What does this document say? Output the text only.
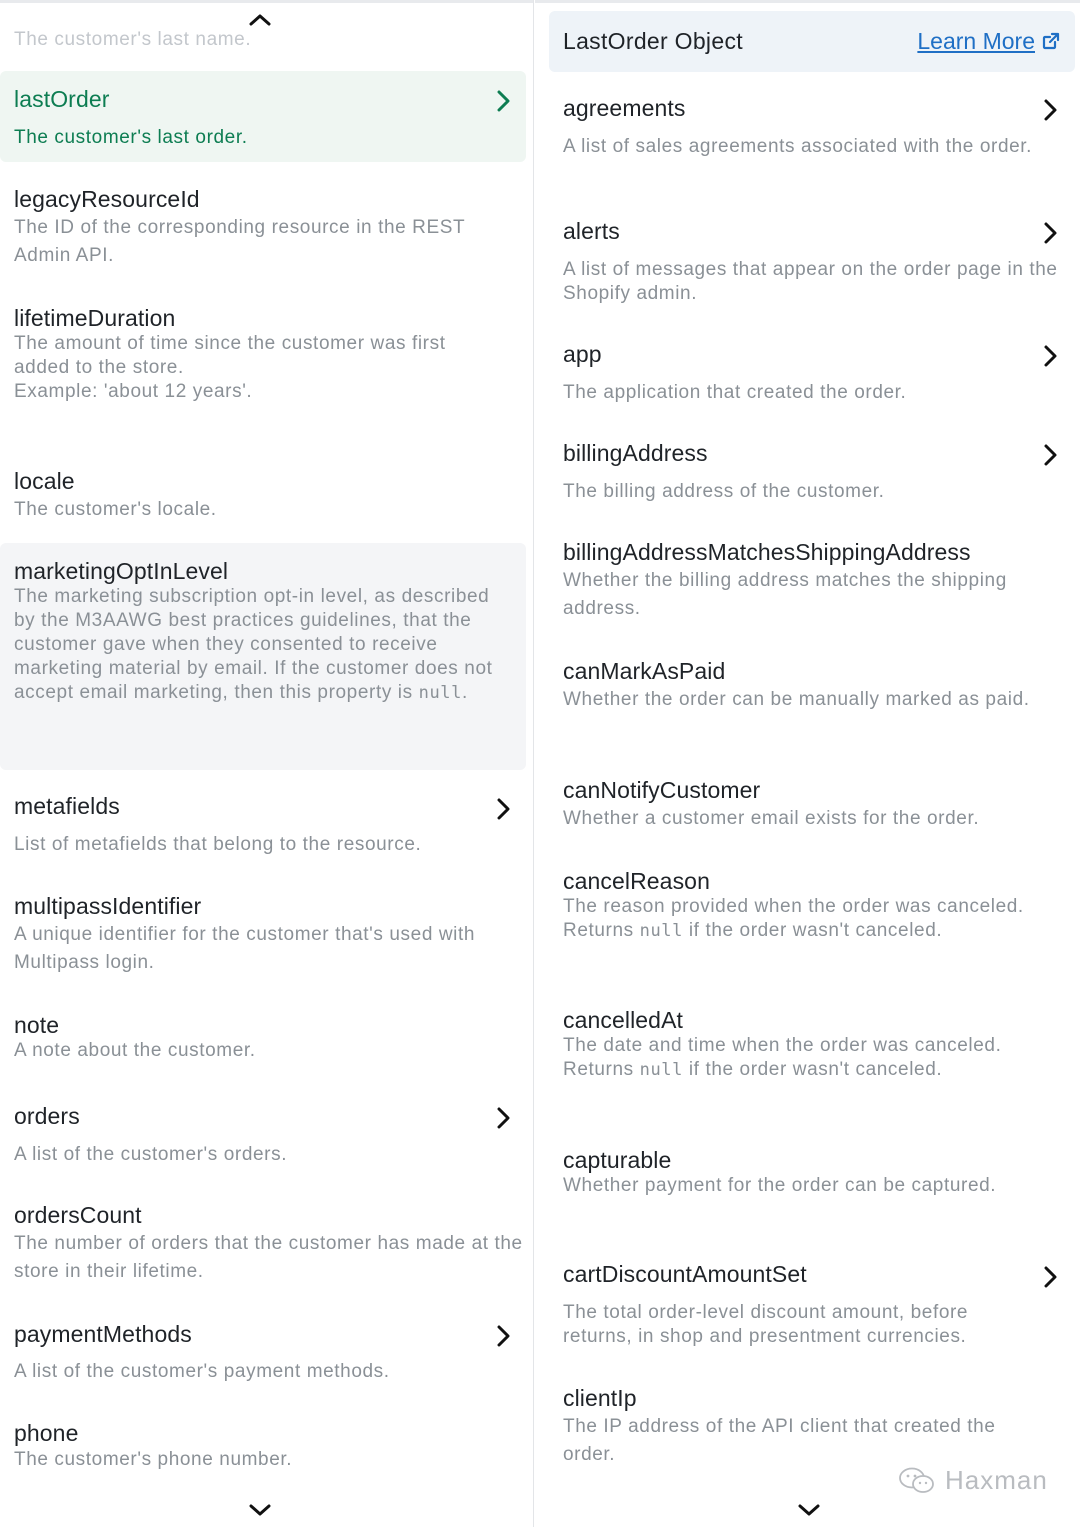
The customer's last name.
lastOrder
The customer's last order.
legacyResourceId
The ID of the corresponding resource in the REST Admin API.
lifetimeDuration
The amount of time since the customer was first added to the store.
Example: 'about 12 years'.
locale
The customer's locale.
marketingOptInLevel
The marketing subscription opt-in level, as described by the M3AAWG best practices guidelines, that the customer gave when they consented to receive marketing material by email. If the customer does not accept email marketing, then this property is null.
metafields
List of metafields that belong to the resource.
multipassIdentifier
A unique identifier for the customer that's used with Multipass login.
note
A note about the customer.
orders
A list of the customer's orders.
ordersCount
The number of orders that the customer has made at the store in their lifetime.
paymentMethods
A list of the customer's payment methods.
phone
The customer's phone number.
LastOrder Object	Learn More
agreements
A list of sales agreements associated with the order.
alerts
A list of messages that appear on the order page in the Shopify admin.
app
The application that created the order.
billingAddress
The billing address of the customer.
billingAddressMatchesShippingAddress
Whether the billing address matches the shipping address.
canMarkAsPaid
Whether the order can be manually marked as paid.
canNotifyCustomer
Whether a customer email exists for the order.
cancelReason
The reason provided when the order was canceled.
Returns null if the order wasn't canceled.
cancelledAt
The date and time when the order was canceled.
Returns null if the order wasn't canceled.
capturable
Whether payment for the order can be captured.
cartDiscountAmountSet
The total order-level discount amount, before returns, in shop and presentment currencies.
clientIp
The IP address of the API client that created the order.
Haxman
